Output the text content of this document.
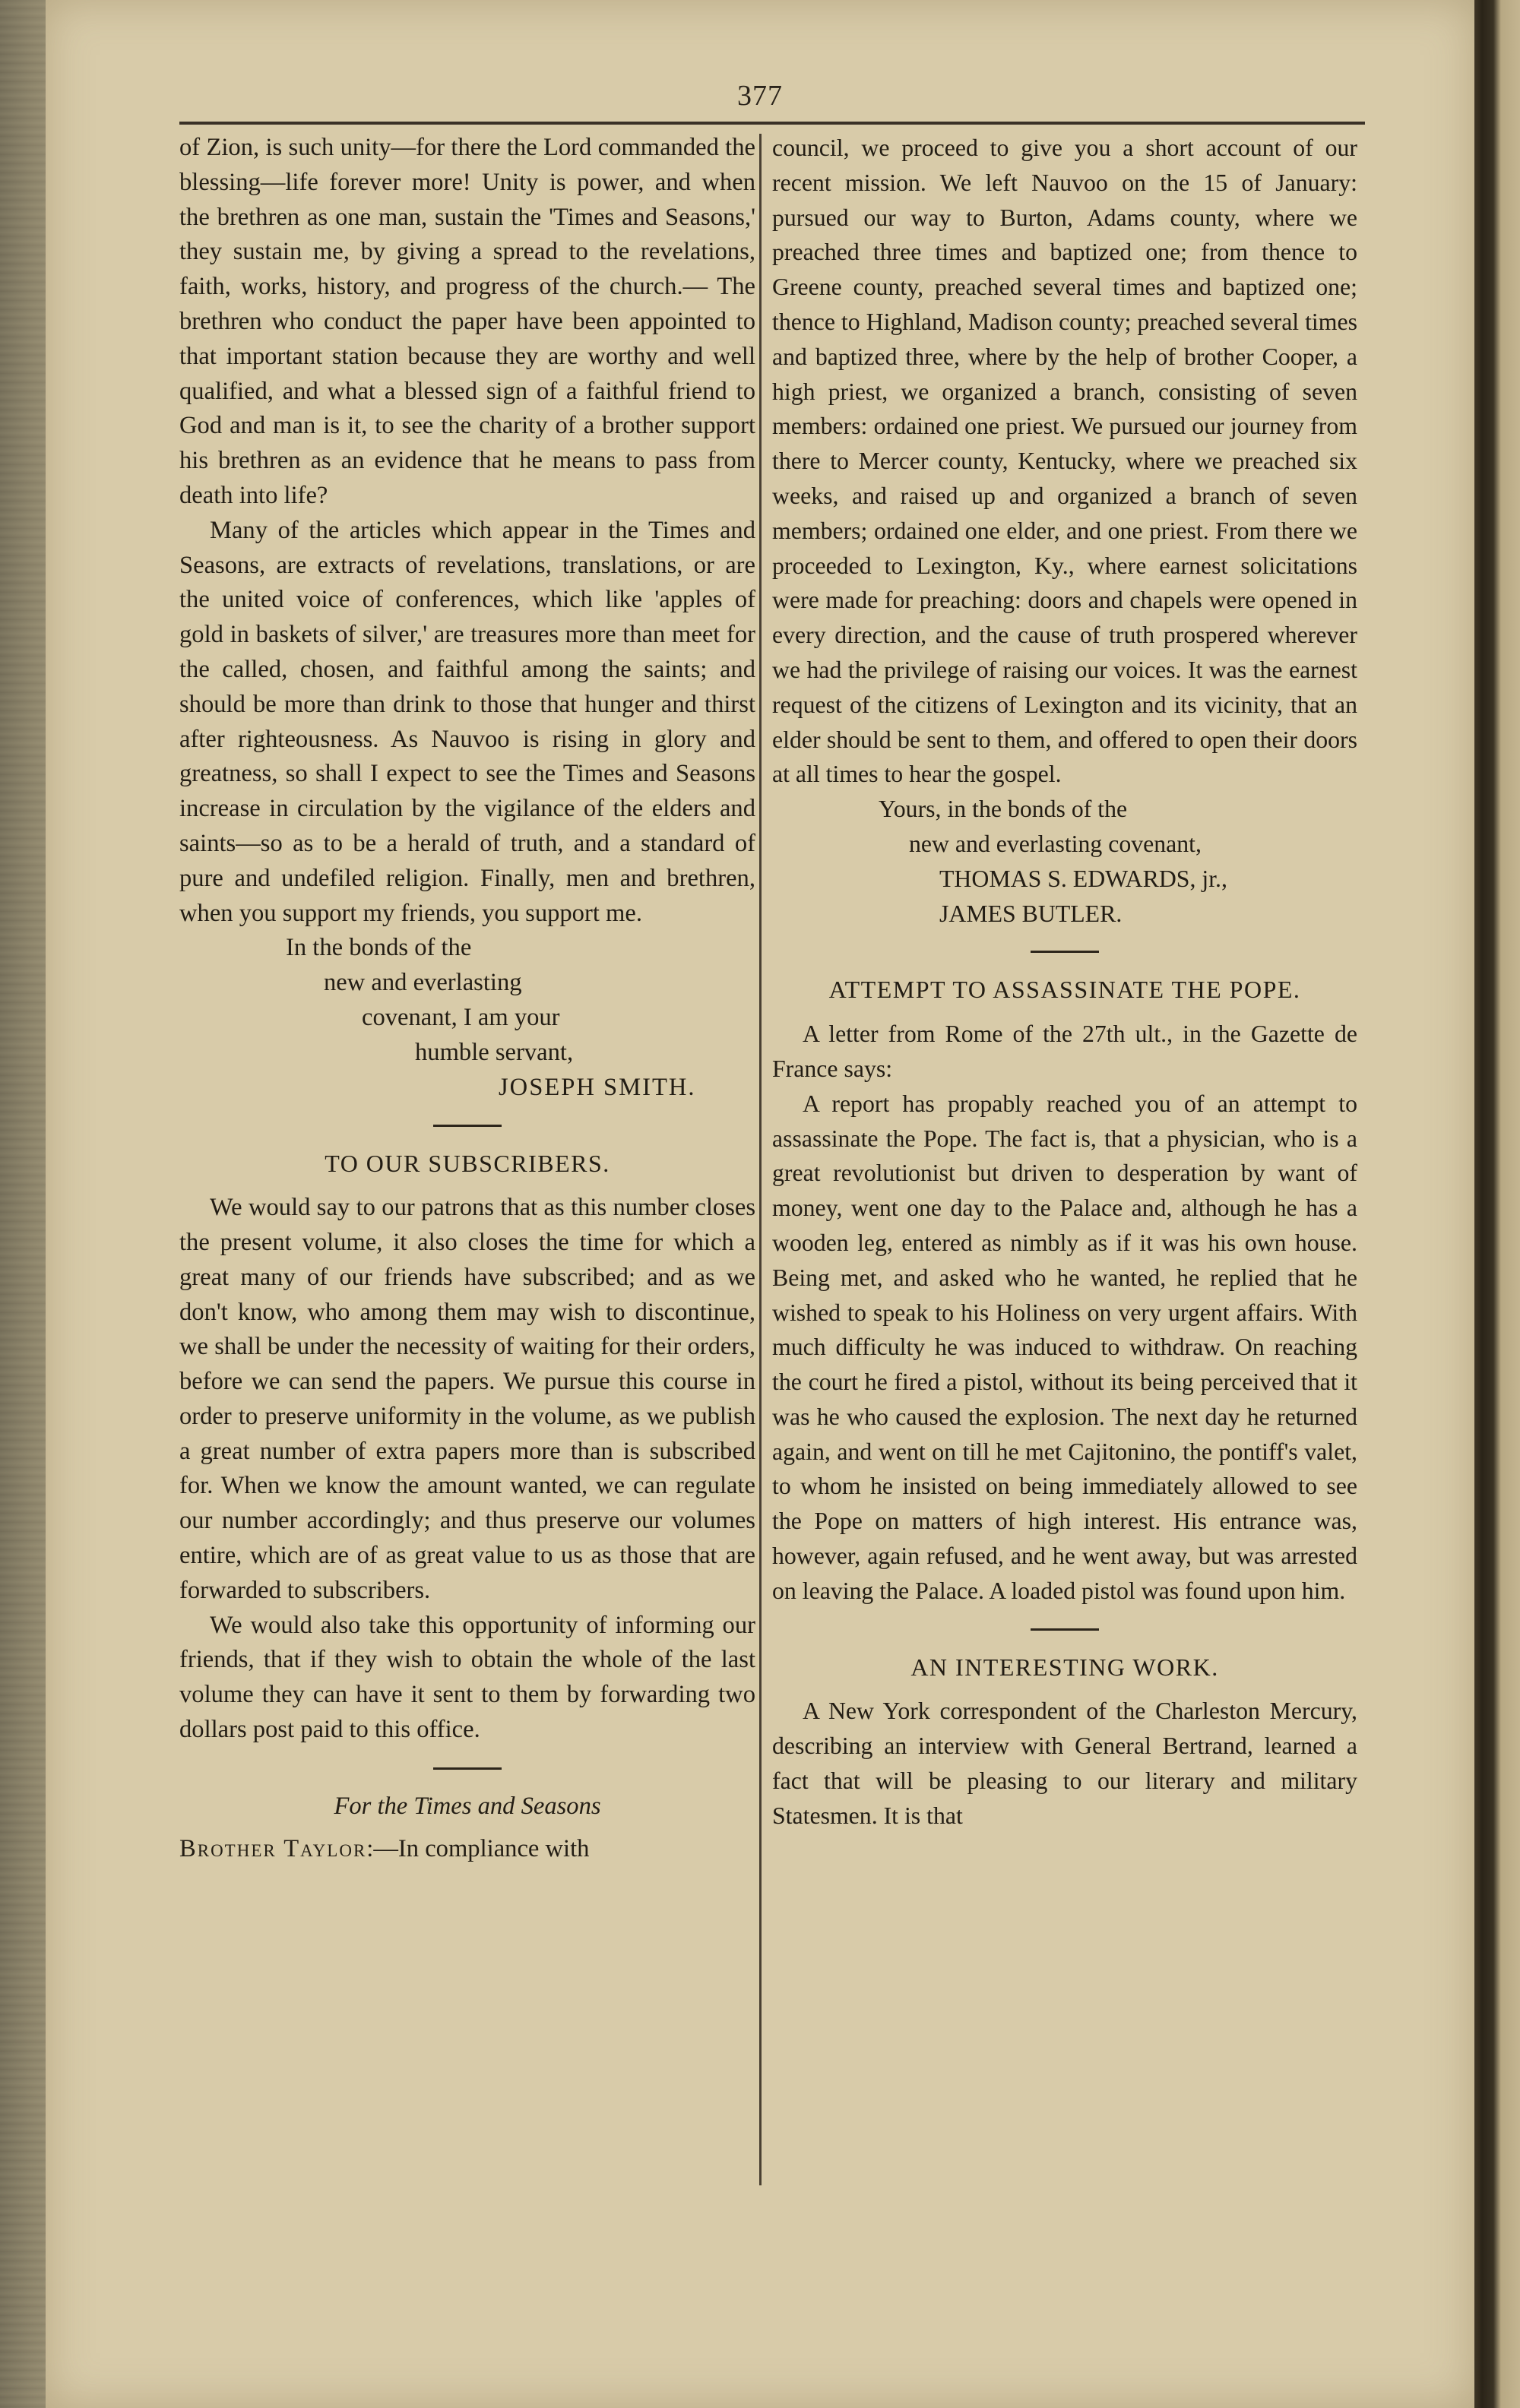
377

of Zion, is such unity—for there the Lord commanded the blessing—life forever more! Unity is power, and when the brethren as one man, sustain the 'Times and Seasons,' they sustain me, by giving a spread to the revelations, faith, works, history, and progress of the church.— The brethren who conduct the paper have been appointed to that important station because they are worthy and well qualified, and what a blessed sign of a faithful friend to God and man is it, to see the charity of a brother support his brethren as an evidence that he means to pass from death into life?

Many of the articles which appear in the Times and Seasons, are extracts of revelations, translations, or are the united voice of conferences, which like 'apples of gold in baskets of silver,' are treasures more than meet for the called, chosen, and faithful among the saints; and should be more than drink to those that hunger and thirst after righteousness. As Nauvoo is rising in glory and greatness, so shall I expect to see the Times and Seasons increase in circulation by the vigilance of the elders and saints—so as to be a herald of truth, and a standard of pure and undefiled religion. Finally, men and brethren, when you support my friends, you support me.

In the bonds of the
new and everlasting
covenant, I am your
humble servant,
JOSEPH SMITH.
TO OUR SUBSCRIBERS.

We would say to our patrons that as this number closes the present volume, it also closes the time for which a great many of our friends have subscribed; and as we don't know, who among them may wish to discontinue, we shall be under the necessity of waiting for their orders, before we can send the papers. We pursue this course in order to preserve uniformity in the volume, as we publish a great number of extra papers more than is subscribed for. When we know the amount wanted, we can regulate our number accordingly; and thus preserve our volumes entire, which are of as great value to us as those that are forwarded to subscribers.

We would also take this opportunity of informing our friends, that if they wish to obtain the whole of the last volume they can have it sent to them by forwarding two dollars post paid to this office.

For the Times and Seasons

Brother Taylor:—In compliance with

council, we proceed to give you a short account of our recent mission. We left Nauvoo on the 15 of January: pursued our way to Burton, Adams county, where we preached three times and baptized one; from thence to Greene county, preached several times and baptized one; thence to Highland, Madison county; preached several times and baptized three, where by the help of brother Cooper, a high priest, we organized a branch, consisting of seven members: ordained one priest. We pursued our journey from there to Mercer county, Kentucky, where we preached six weeks, and raised up and organized a branch of seven members; ordained one elder, and one priest. From there we proceeded to Lexington, Ky., where earnest solicitations were made for preaching: doors and chapels were opened in every direction, and the cause of truth prospered wherever we had the privilege of raising our voices. It was the earnest request of the citizens of Lexington and its vicinity, that an elder should be sent to them, and offered to open their doors at all times to hear the gospel.

Yours, in the bonds of the
new and everlasting covenant,
THOMAS S. EDWARDS, jr.,
JAMES BUTLER.
ATTEMPT TO ASSASSINATE THE POPE.

A letter from Rome of the 27th ult., in the Gazette de France says:

A report has propably reached you of an attempt to assassinate the Pope. The fact is, that a physician, who is a great revolutionist but driven to desperation by want of money, went one day to the Palace and, although he has a wooden leg, entered as nimbly as if it was his own house. Being met, and asked who he wanted, he replied that he wished to speak to his Holiness on very urgent affairs. With much difficulty he was induced to withdraw. On reaching the court he fired a pistol, without its being perceived that it was he who caused the explosion. The next day he returned again, and went on till he met Cajitonino, the pontiff's valet, to whom he insisted on being immediately allowed to see the Pope on matters of high interest. His entrance was, however, again refused, and he went away, but was arrested on leaving the Palace. A loaded pistol was found upon him.

AN INTERESTING WORK.

A New York correspondent of the Charleston Mercury, describing an interview with General Bertrand, learned a fact that will be pleasing to our literary and military Statesmen. It is that
